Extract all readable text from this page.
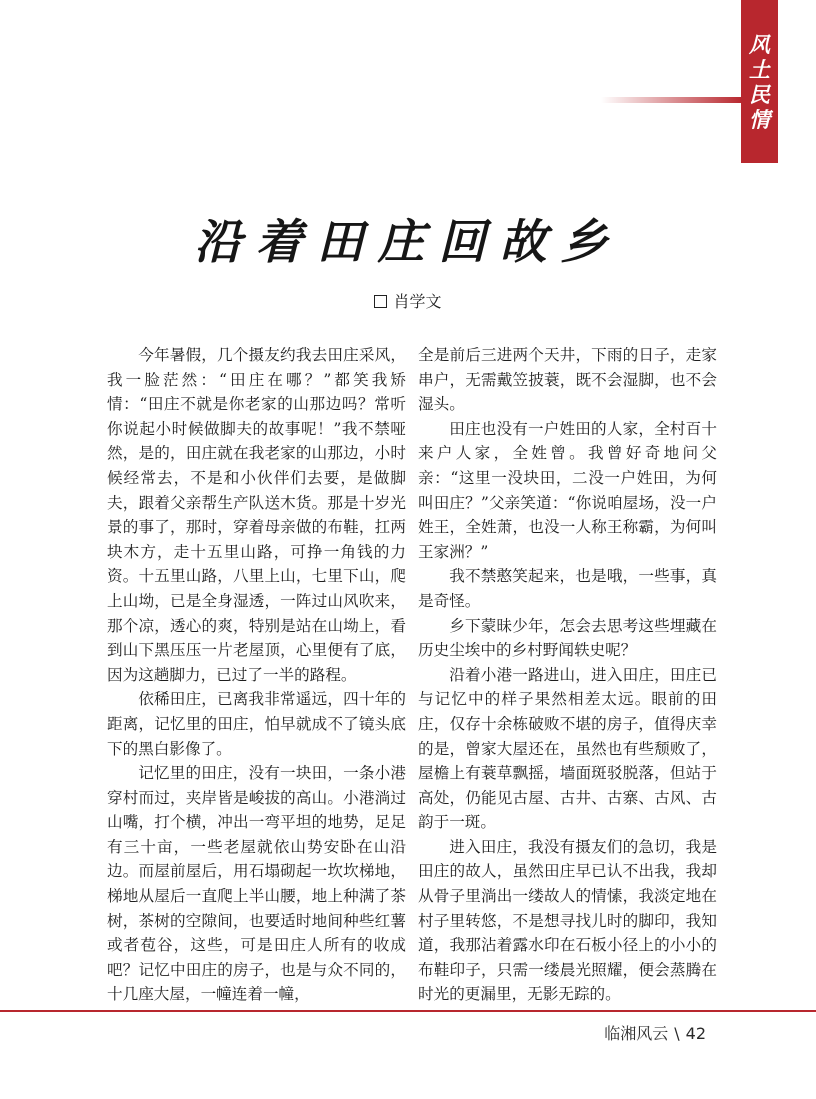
风
土
民
情
沿着田庄回故乡
肖学文

今年暑假，几个摄友约我去田庄采风，我一脸茫然：“田庄在哪？”都笑我矫情：“田庄不就是你老家的山那边吗？常听你说起小时候做脚夫的故事呢！”我不禁哑然，是的，田庄就在我老家的山那边，小时候经常去，不是和小伙伴们去要，是做脚夫，跟着父亲帮生产队送木货。那是十岁光景的事了，那时，穿着母亲做的布鞋，扛两块木方，走十五里山路，可挣一角钱的力资。十五里山路，八里上山，七里下山，爬上山坳，已是全身湿透，一阵过山风吹来，那个凉，透心的爽，特别是站在山坳上，看到山下黑压压一片老屋顶，心里便有了底，因为这趟脚力，已过了一半的路程。

依稀田庄，已离我非常遥远，四十年的距离，记忆里的田庄，怕早就成不了镜头底下的黑白影像了。

记忆里的田庄，没有一块田，一条小港穿村而过，夹岸皆是峻拔的高山。小港淌过山嘴，打个横，冲出一弯平坦的地势，足足有三十亩，一些老屋就依山势安卧在山沿边。而屋前屋后，用石塌砌起一坎坎梯地，梯地从屋后一直爬上半山腰，地上种满了茶树，茶树的空隙间，也要适时地间种些红薯或者苞谷，这些，可是田庄人所有的收成吧？记忆中田庄的房子，也是与众不同的，十几座大屋，一幢连着一幢，

全是前后三进两个天井，下雨的日子，走家串户，无需戴笠披蓑，既不会湿脚，也不会湿头。

田庄也没有一户姓田的人家，全村百十来户人家，全姓曾。我曾好奇地问父亲：“这里一没块田，二没一户姓田，为何叫田庄？”父亲笑道：“你说咱屋场，没一户姓王，全姓萧，也没一人称王称霸，为何叫王家洲？”

我不禁憨笑起来，也是哦，一些事，真是奇怪。

乡下蒙昧少年，怎会去思考这些埋藏在历史尘埃中的乡村野闻轶史呢？

沿着小港一路进山，进入田庄，田庄已与记忆中的样子果然相差太远。眼前的田庄，仅存十余栋破败不堪的房子，值得庆幸的是，曾家大屋还在，虽然也有些颓败了，屋檐上有蓑草飘摇，墙面斑驳脱落，但站于高处，仍能见古屋、古井、古寨、古风、古韵于一斑。

进入田庄，我没有摄友们的急切，我是田庄的故人，虽然田庄早已认不出我，我却从骨子里淌出一缕故人的情愫，我淡定地在村子里转悠，不是想寻找儿时的脚印，我知道，我那沾着露水印在石板小径上的小小的布鞋印子，只需一缕晨光照耀，便会蒸腾在时光的更漏里，无影无踪的。

临湘风云 \ 42
